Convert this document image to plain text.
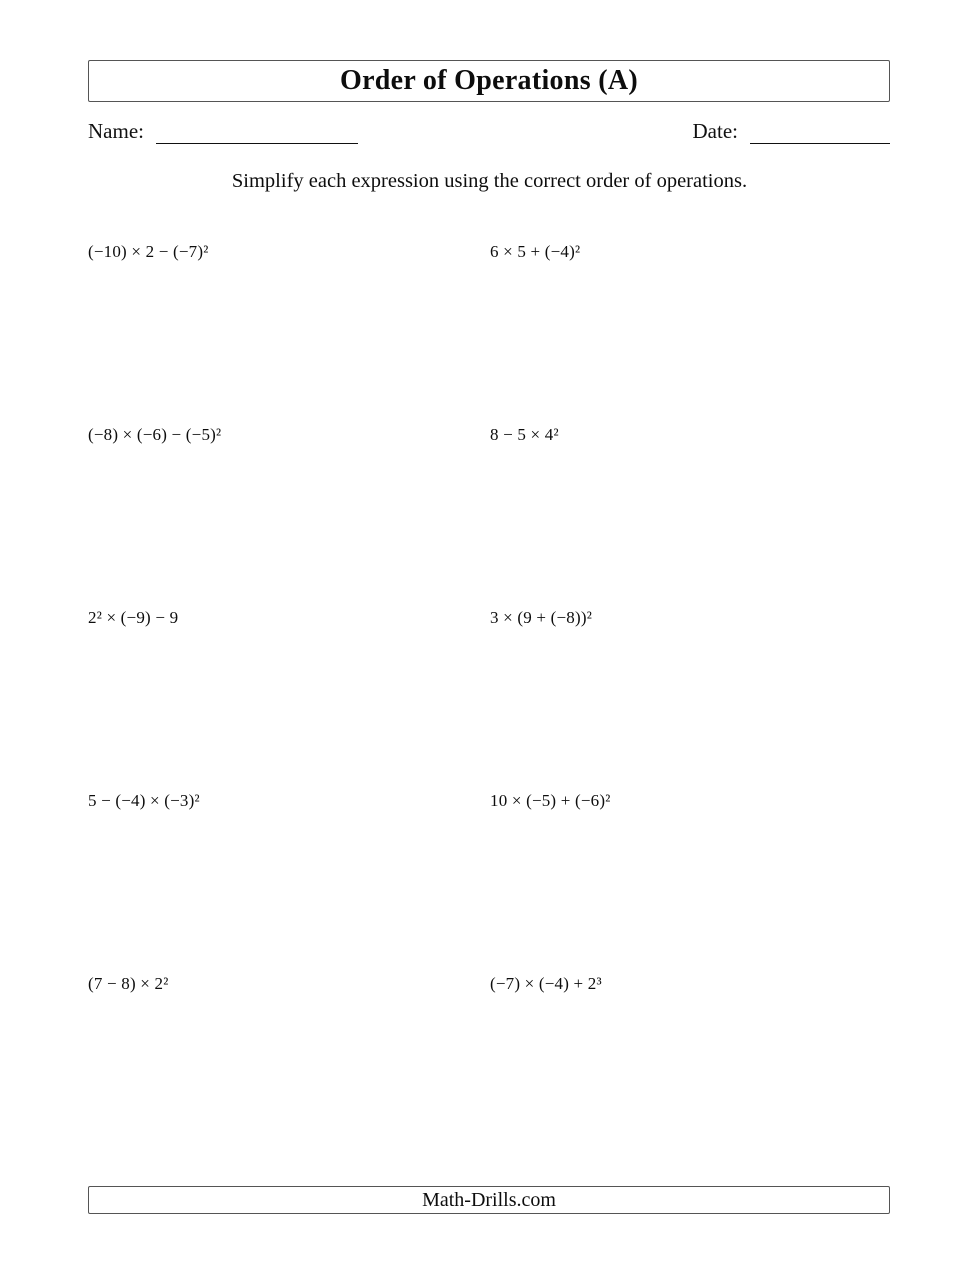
Order of Operations (A)
Name:	Date:
Simplify each expression using the correct order of operations.
(−10) × 2 − (−7)²	6 × 5 + (−4)²
(−8) × (−6) − (−5)²	8 − 5 × 4²
2² × (−9) − 9	3 × (9 + (−8))²
5 − (−4) × (−3)²	10 × (−5) + (−6)²
(7 − 8) × 2²	(−7) × (−4) + 2³
Math-Drills.com
